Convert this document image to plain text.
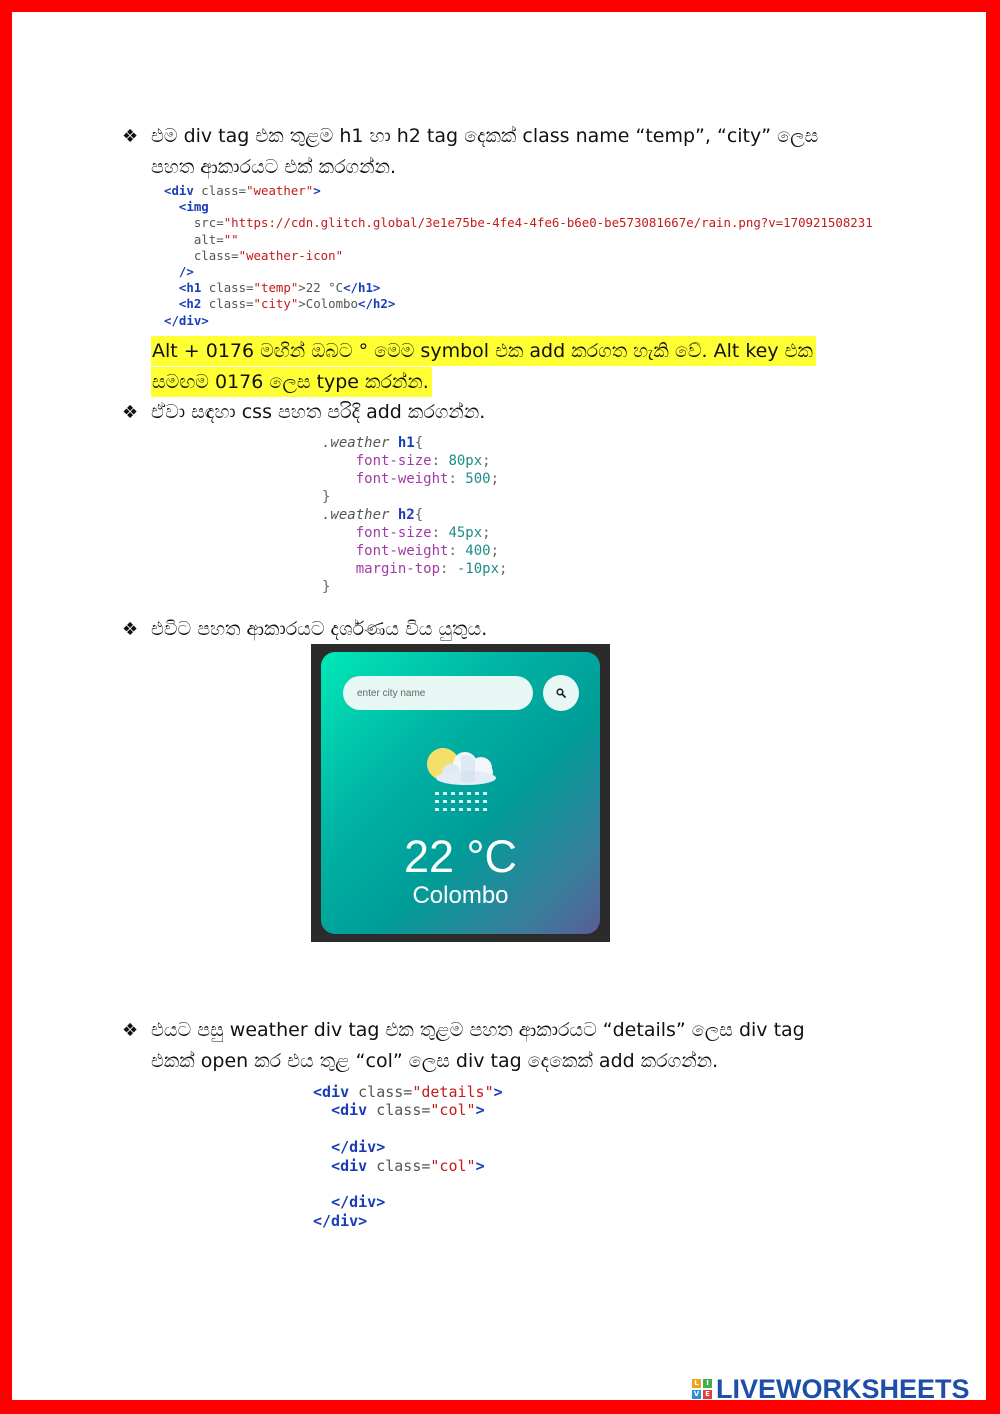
❖ එම div tag එක තුළම h1 හා h2 tag දෙකක් class name “temp”, “city” ලෙස
පහත ආකාරයට එක් කරගන්න.
<div class="weather">
<img
src="https://cdn.glitch.global/3e1e75be-4fe4-4fe6-b6e0-be573081667e/rain.png?v=170921508231
alt=""
class="weather-icon"
/>
<h1 class="temp">22 °C</h1>
<h2 class="city">Colombo</h2>
</div>
Alt + 0176 මඟින් ඔබට ° මෙම symbol එක add කරගත හැකි වේ. Alt key එක
සමඟම 0176 ලෙස type කරන්න.
❖ ඒවා සඳහා css පහත පරිදි add කරගන්න.
.weather h1{
font-size: 80px;
font-weight: 500;
}
.weather h2{
font-size: 45px;
font-weight: 400;
margin-top: -10px;
}
❖ එවිට පහත ආකාරයට දර්ශණය විය යුතුය.
enter city name
22 °C
Colombo
❖ එයට පසු weather div tag එක තුළම පහත ආකාරයට “details” ලෙස div tag
එකක් open කර එය තුළ “col” ලෙස div tag දෙකෙක් add කරගන්න.
<div class="details">
<div class="col">

</div>
<div class="col">

</div>
</div>
L	I
V E LIVEWORKSHEETS
